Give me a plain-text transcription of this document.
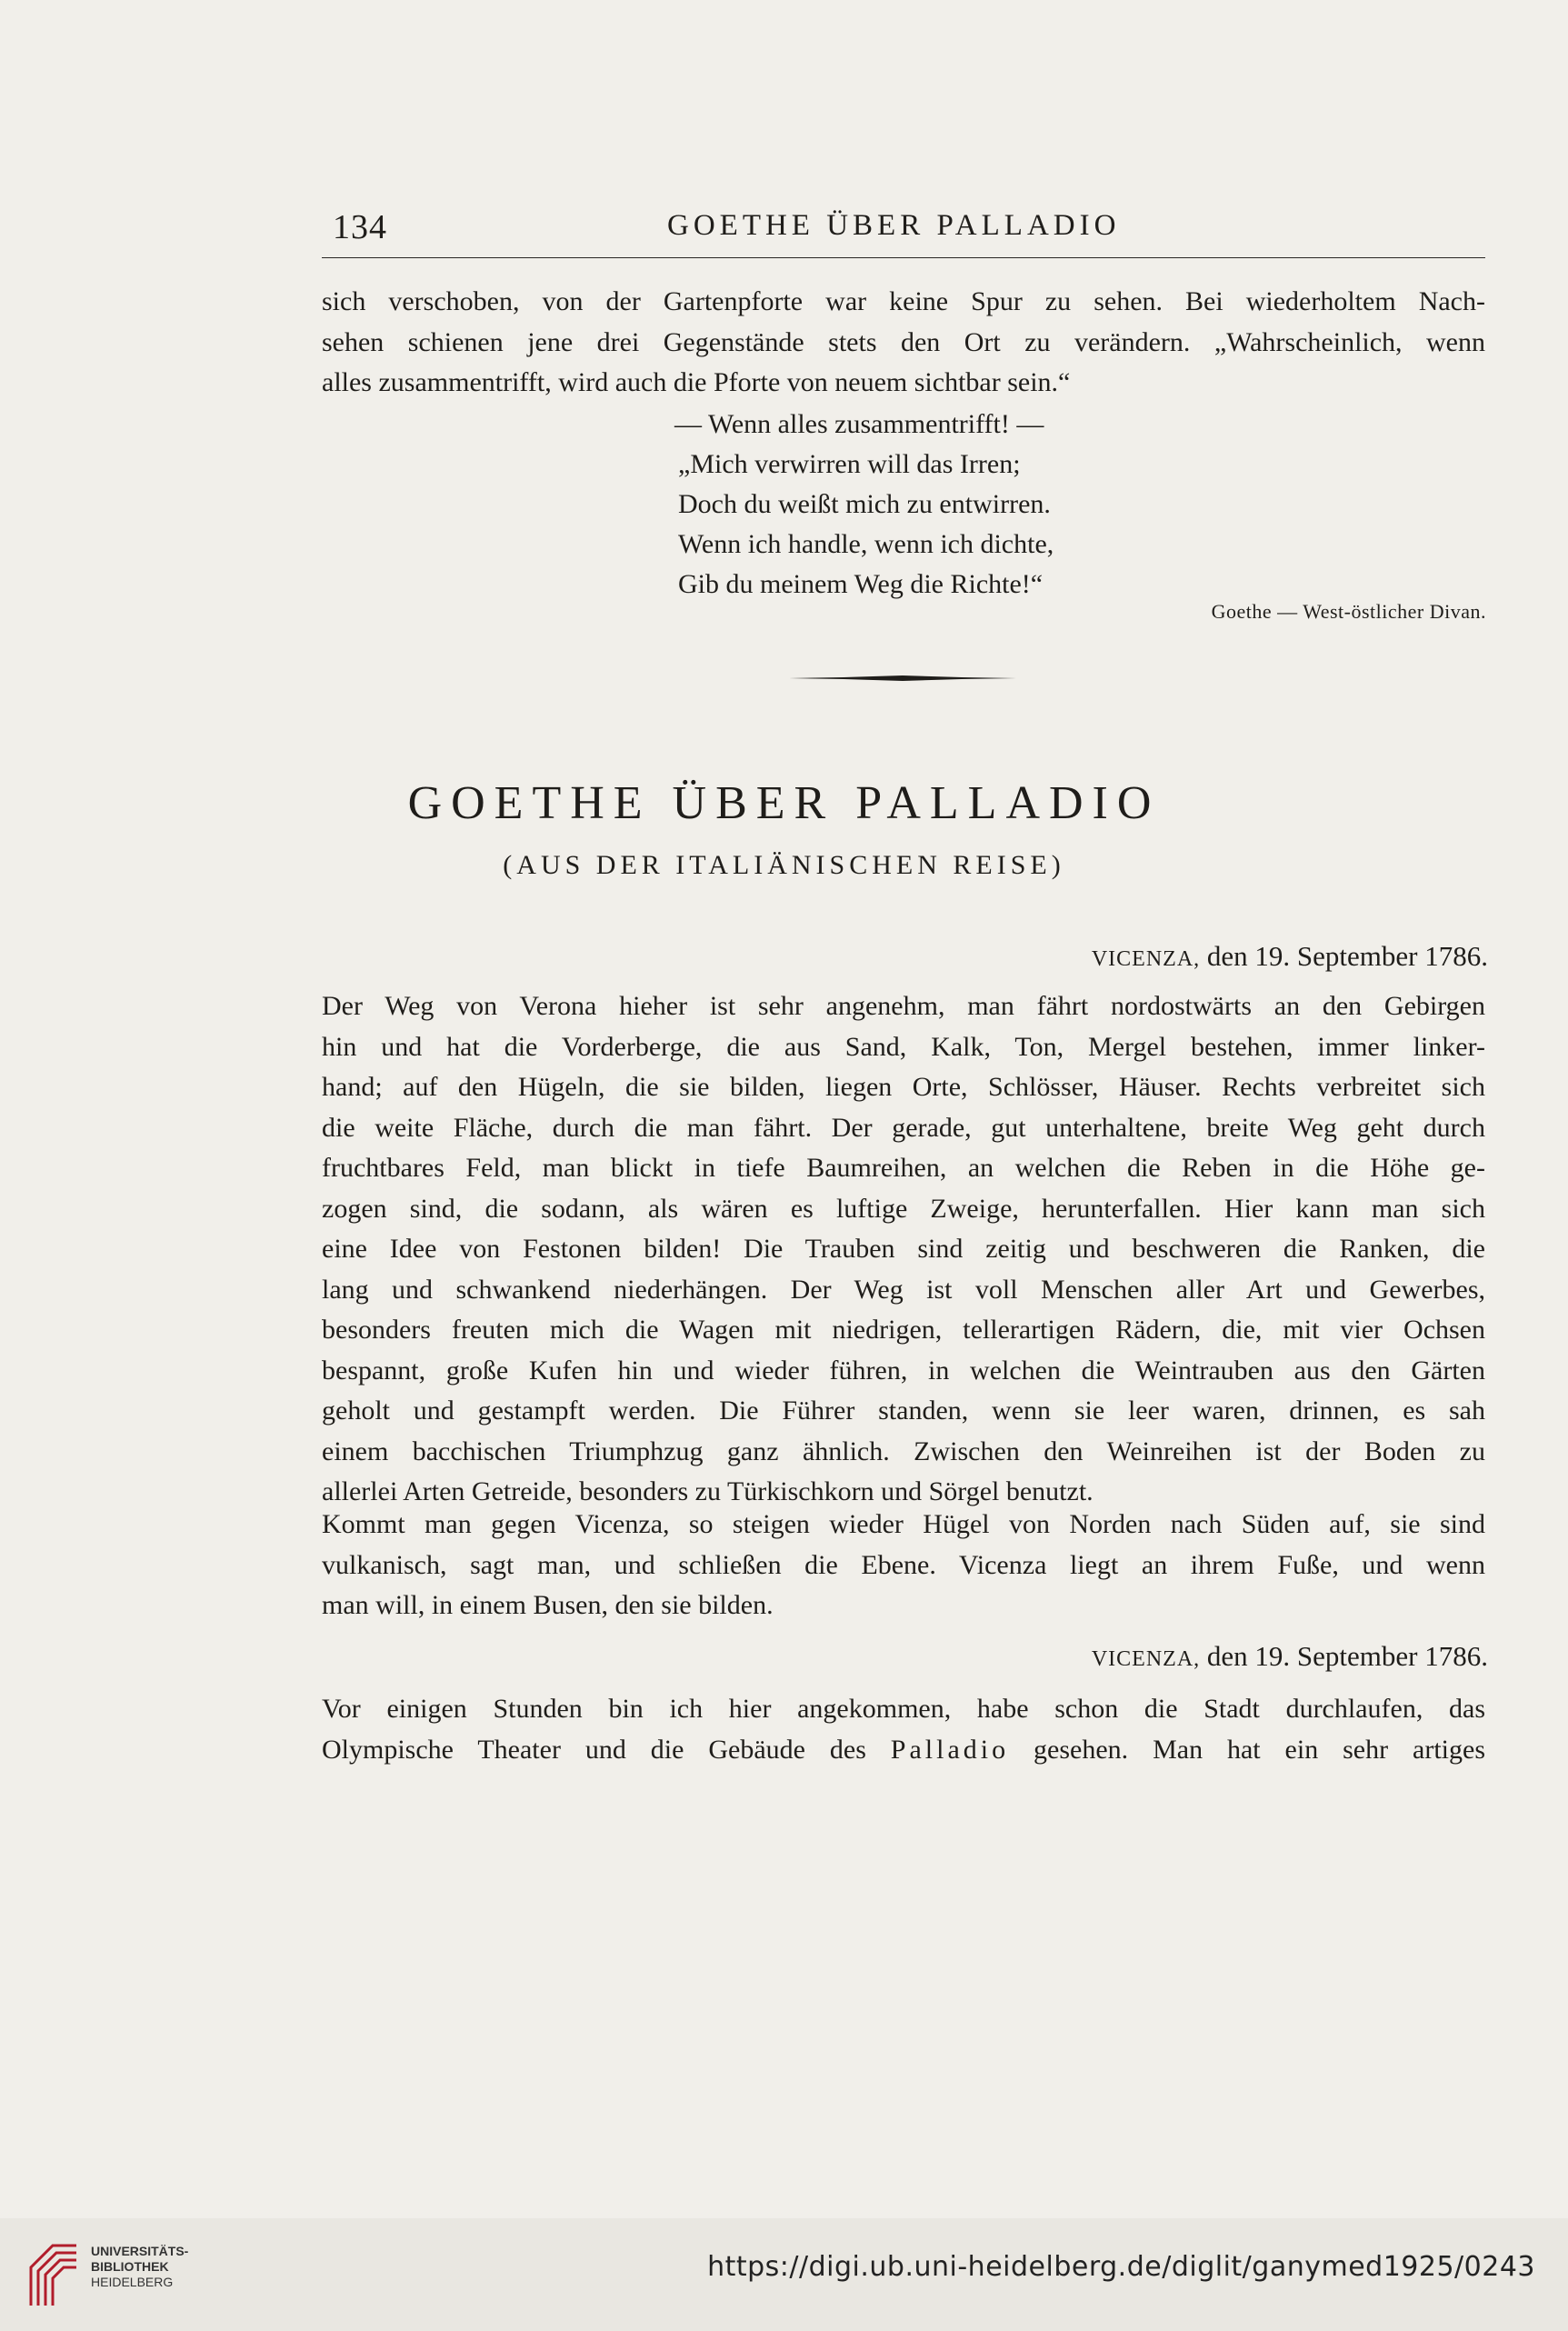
134	GOETHE ÜBER PALLADIO
sich verschoben, von der Gartenpforte war keine Spur zu sehen. Bei wiederholtem Nach-
sehen schienen jene drei Gegenstände stets den Ort zu verändern. „Wahrscheinlich, wenn
alles zusammentrifft, wird auch die Pforte von neuem sichtbar sein.“
— Wenn alles zusammentrifft! —
„Mich verwirren will das Irren;
Doch du weißt mich zu entwirren.
Wenn ich handle, wenn ich dichte,
Gib du meinem Weg die Richte!“
Goethe — West-östlicher Divan.
GOETHE ÜBER PALLADIO
(AUS DER ITALIÄNISCHEN REISE)
VICENZA, den 19. September 1786.
Der Weg von Verona hieher ist sehr angenehm, man fährt nordostwärts an den Gebirgen
hin und hat die Vorderberge, die aus Sand, Kalk, Ton, Mergel bestehen, immer linker-
hand; auf den Hügeln, die sie bilden, liegen Orte, Schlösser, Häuser. Rechts verbreitet sich
die weite Fläche, durch die man fährt. Der gerade, gut unterhaltene, breite Weg geht durch
fruchtbares Feld, man blickt in tiefe Baumreihen, an welchen die Reben in die Höhe ge-
zogen sind, die sodann, als wären es luftige Zweige, herunterfallen. Hier kann man sich
eine Idee von Festonen bilden! Die Trauben sind zeitig und beschweren die Ranken, die
lang und schwankend niederhängen. Der Weg ist voll Menschen aller Art und Gewerbes,
besonders freuten mich die Wagen mit niedrigen, tellerartigen Rädern, die, mit vier Ochsen
bespannt, große Kufen hin und wieder führen, in welchen die Weintrauben aus den Gärten
geholt und gestampft werden. Die Führer standen, wenn sie leer waren, drinnen, es sah
einem bacchischen Triumphzug ganz ähnlich. Zwischen den Weinreihen ist der Boden zu
allerlei Arten Getreide, besonders zu Türkischkorn und Sörgel benutzt.
Kommt man gegen Vicenza, so steigen wieder Hügel von Norden nach Süden auf, sie sind
vulkanisch, sagt man, und schließen die Ebene. Vicenza liegt an ihrem Fuße, und wenn
man will, in einem Busen, den sie bilden.
VICENZA, den 19. September 1786.
Vor einigen Stunden bin ich hier angekommen, habe schon die Stadt durchlaufen, das
Olympische Theater und die Gebäude des Palladio gesehen. Man hat ein sehr artiges
UNIVERSITÄTS-
BIBLIOTHEK
HEIDELBERG	https://digi.ub.uni-heidelberg.de/diglit/ganymed1925/0243
